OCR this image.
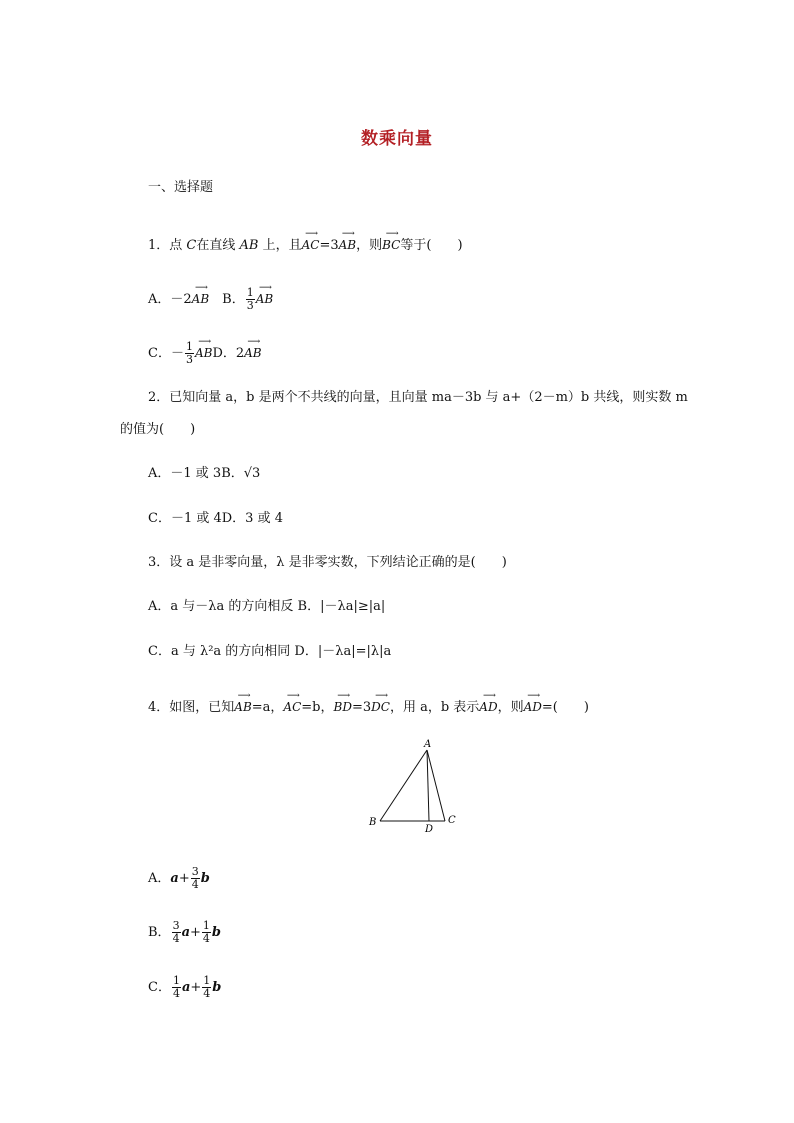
数乘向量
一、选择题
1．点 C在直线 AB 上，且⟶ AC=3⟶ AB，则⟶ BC等于(　　)
A．－2⟶ AB　B． $\frac{1}{3}$ ⟶ AB
C．－ $\frac{1}{3}$ ⟶ ABD．2⟶ AB
2．已知向量 a，b 是两个不共线的向量，且向量 ma－3b 与 a+（2－m）b 共线，则实数 m
的值为(　　)
A．－1 或 3B．√3
C．－1 或 4D．3 或 4
3．设 a 是非零向量，λ 是非零实数，下列结论正确的是(　　)
A．a 与－λa 的方向相反 B．|－λa|≥|a|
C．a 与 λ²a 的方向相同 D．|－λa|=|λ|a
4．如图，已知⟶ AB=a，⟶ AC=b，⟶ BD=3⟶ DC，用 a，b 表示⟶ AD，则⟶ AD=(　　)
A
B	C
D
A．$a+ \frac{3}{4}$ b
B． $\frac{3}{4} a+ \frac{1}{4}$ b
C． $\frac{1}{4} a+ \frac{1}{4}$ b
